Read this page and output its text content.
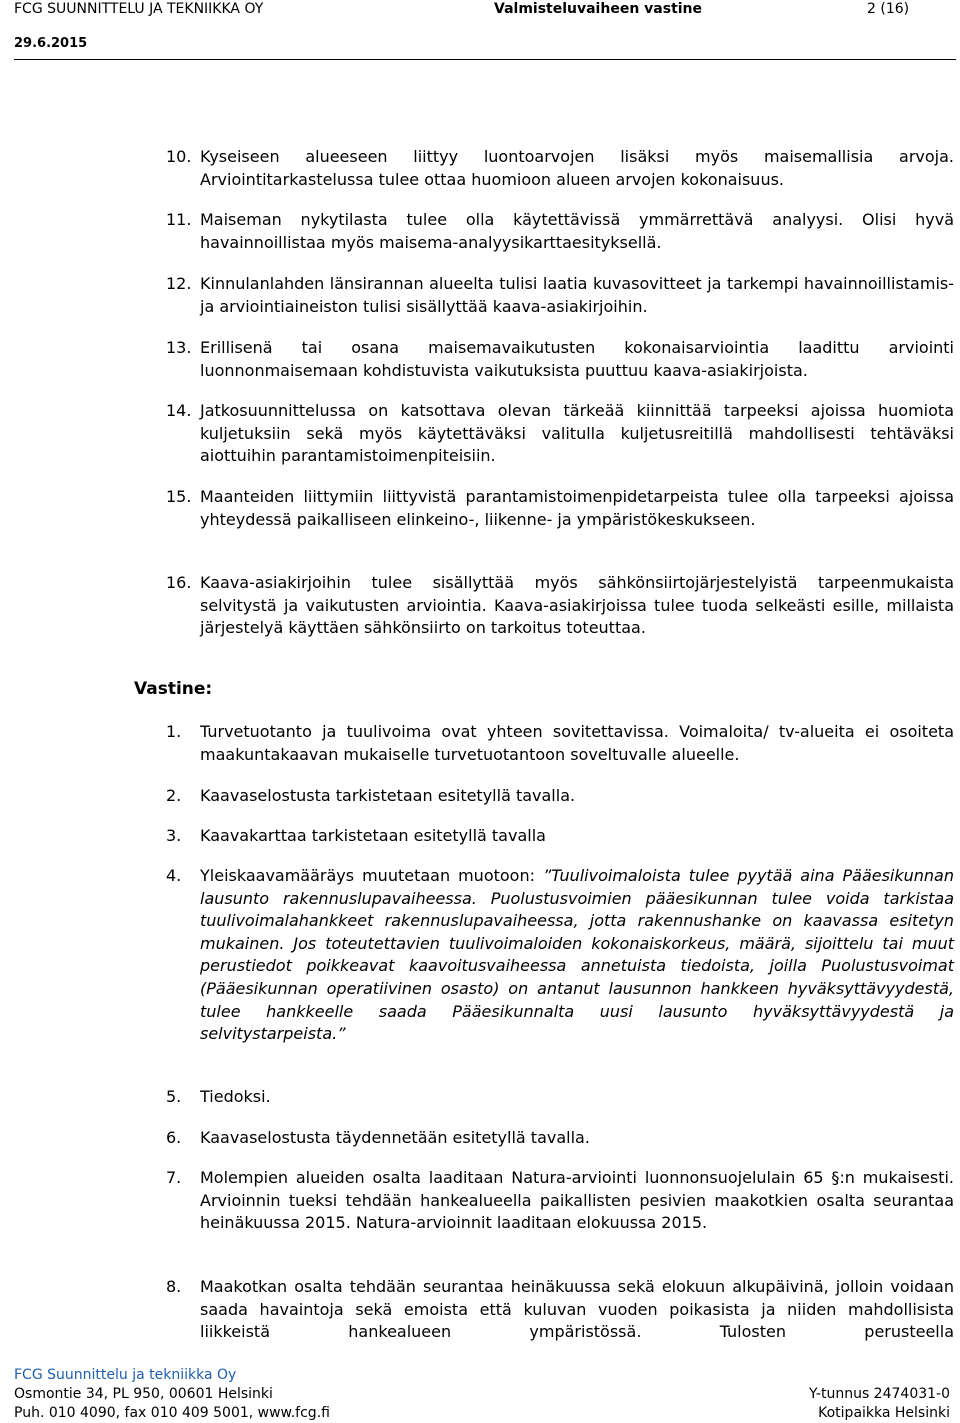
FCG SUUNNITTELU JA TEKNIIKKA OY	Valmisteluvaiheen vastine	2 (16)
29.6.2015
10. Kyseiseen alueeseen liittyy luontoarvojen lisäksi myös maisemallisia arvoja. Arviointitarkastelussa tulee ottaa huomioon alueen arvojen kokonaisuus.
11. Maiseman nykytilasta tulee olla käytettävissä ymmärrettävä analyysi. Olisi hyvä havainnoillistaa myös maisema-analyysikarttaesityksellä.
12. Kinnulanlahden länsirannan alueelta tulisi laatia kuvasovitteet ja tarkempi havainnoillistamis- ja arviointiaineiston tulisi sisällyttää kaava-asiakirjoihin.
13. Erillisenä tai osana maisemavaikutusten kokonaisarviointia laadittu arviointi luonnonmaisemaan kohdistuvista vaikutuksista puuttuu kaava-asiakirjoista.
14. Jatkosuunnittelussa on katsottava olevan tärkeää kiinnittää tarpeeksi ajoissa huomiota kuljetuksiin sekä myös käytettäväksi valitulla kuljetusreitillä mahdollisesti tehtäväksi aiottuihin parantamistoimenpiteisiin.
15. Maanteiden liittymiin liittyvistä parantamistoimenpidetarpeista tulee olla tarpeeksi ajoissa yhteydessä paikalliseen elinkeino-, liikenne- ja ympäristökeskukseen.
16. Kaava-asiakirjoihin tulee sisällyttää myös sähkönsiirtojärjestelyistä tarpeenmukaista selvitystä ja vaikutusten arviointia. Kaava-asiakirjoissa tulee tuoda selkeästi esille, millaista järjestelyä käyttäen sähkönsiirto on tarkoitus toteuttaa.
Vastine:
1.	Turvetuotanto ja tuulivoima ovat yhteen sovitettavissa. Voimaloita/ tv-alueita ei osoiteta maakuntakaavan mukaiselle turvetuotantoon soveltuvalle alueelle.
2.	Kaavaselostusta tarkistetaan esitetyllä tavalla.
3.	Kaavakarttaa tarkistetaan esitetyllä tavalla
4.	Yleiskaavamääräys muutetaan muotoon: ”Tuulivoimaloista tulee pyytää aina Pääesikunnan lausunto rakennuslupavaiheessa. Puolustusvoimien pääesikunnan tulee voida tarkistaa tuulivoimalahankkeet rakennuslupavaiheessa, jotta rakennushanke on kaavassa esitetyn mukainen. Jos toteutettavien tuulivoimaloiden kokonaiskorkeus, määrä, sijoittelu tai muut perustiedot poikkeavat kaavoitusvaiheessa annetuista tiedoista, joilla Puolustusvoimat (Pääesikunnan operatiivinen osasto) on antanut lausunnon hankkeen hyväksyttävyydestä, tulee hankkeelle saada Pääesikunnalta uusi lausunto hyväksyttävyydestä ja selvitystarpeista.”
5.	Tiedoksi.
6.	Kaavaselostusta täydennetään esitetyllä tavalla.
7.	Molempien alueiden osalta laaditaan Natura-arviointi luonnonsuojelulain 65 §:n mukaisesti. Arvioinnin tueksi tehdään hankealueella paikallisten pesivien maakotkien osalta seurantaa heinäkuussa 2015. Natura-arvioinnit laaditaan elokuussa 2015.
8.	Maakotkan osalta tehdään seurantaa heinäkuussa sekä elokuun alkupäivinä, jolloin voidaan saada havaintoja sekä emoista että kuluvan vuoden poikasista ja niiden mahdollisista liikkeistä hankealueen ympäristössä. Tulosten perusteella
FCG Suunnittelu ja tekniikka Oy
Osmontie 34, PL 950, 00601 Helsinki
Puh. 010 4090, fax 010 409 5001, www.fcg.fi
Y-tunnus 2474031-0
Kotipaikka Helsinki
